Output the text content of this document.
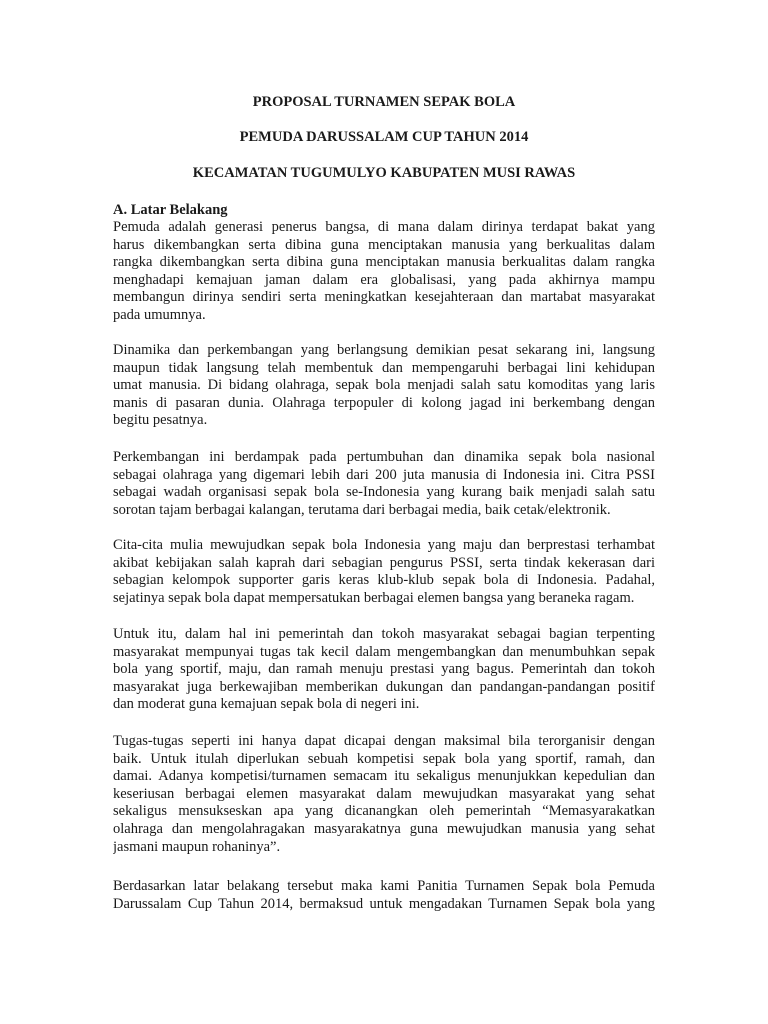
PROPOSAL TURNAMEN SEPAK BOLA
PEMUDA DARUSSALAM CUP TAHUN 2014
KECAMATAN TUGUMULYO KABUPATEN MUSI RAWAS
A. Latar Belakang
Pemuda adalah generasi penerus bangsa, di mana dalam dirinya terdapat bakat yang
harus dikembangkan serta dibina guna menciptakan manusia yang berkualitas dalam
rangka dikembangkan serta dibina guna menciptakan manusia berkualitas dalam rangka
menghadapi kemajuan jaman dalam era globalisasi, yang pada akhirnya mampu
membangun dirinya sendiri serta meningkatkan kesejahteraan dan martabat masyarakat
pada umumnya.
Dinamika dan perkembangan yang berlangsung demikian pesat sekarang ini, langsung
maupun tidak langsung telah membentuk dan mempengaruhi berbagai lini kehidupan
umat manusia. Di bidang olahraga, sepak bola menjadi salah satu komoditas yang laris
manis di pasaran dunia. Olahraga terpopuler di kolong jagad ini berkembang dengan
begitu pesatnya.
Perkembangan ini berdampak pada pertumbuhan dan dinamika sepak bola nasional
sebagai olahraga yang digemari lebih dari 200 juta manusia di Indonesia ini. Citra PSSI
sebagai wadah organisasi sepak bola se-Indonesia yang kurang baik menjadi salah satu
sorotan tajam berbagai kalangan, terutama dari berbagai media, baik cetak/elektronik.
Cita-cita mulia mewujudkan sepak bola Indonesia yang maju dan berprestasi terhambat
akibat kebijakan salah kaprah dari sebagian pengurus PSSI, serta tindak kekerasan dari
sebagian kelompok supporter garis keras klub-klub sepak bola di Indonesia. Padahal,
sejatinya sepak bola dapat mempersatukan berbagai elemen bangsa yang beraneka ragam.
Untuk itu, dalam hal ini pemerintah dan tokoh masyarakat sebagai bagian terpenting
masyarakat mempunyai tugas tak kecil dalam mengembangkan dan menumbuhkan sepak
bola yang sportif, maju, dan ramah menuju prestasi yang bagus. Pemerintah dan tokoh
masyarakat juga berkewajiban memberikan dukungan dan pandangan-pandangan positif
dan moderat guna kemajuan sepak bola di negeri ini.
Tugas-tugas seperti ini hanya dapat dicapai dengan maksimal bila terorganisir dengan
baik. Untuk itulah diperlukan sebuah kompetisi sepak bola yang sportif, ramah, dan
damai. Adanya kompetisi/turnamen semacam itu sekaligus menunjukkan kepedulian dan
keseriusan berbagai elemen masyarakat dalam mewujudkan masyarakat yang sehat
sekaligus mensukseskan apa yang dicanangkan oleh pemerintah “Memasyarakatkan
olahraga dan mengolahragakan masyarakatnya guna mewujudkan manusia yang sehat
jasmani maupun rohaninya”.
Berdasarkan latar belakang tersebut maka kami Panitia Turnamen Sepak bola Pemuda
Darussalam Cup Tahun 2014, bermaksud untuk mengadakan Turnamen Sepak bola yang
